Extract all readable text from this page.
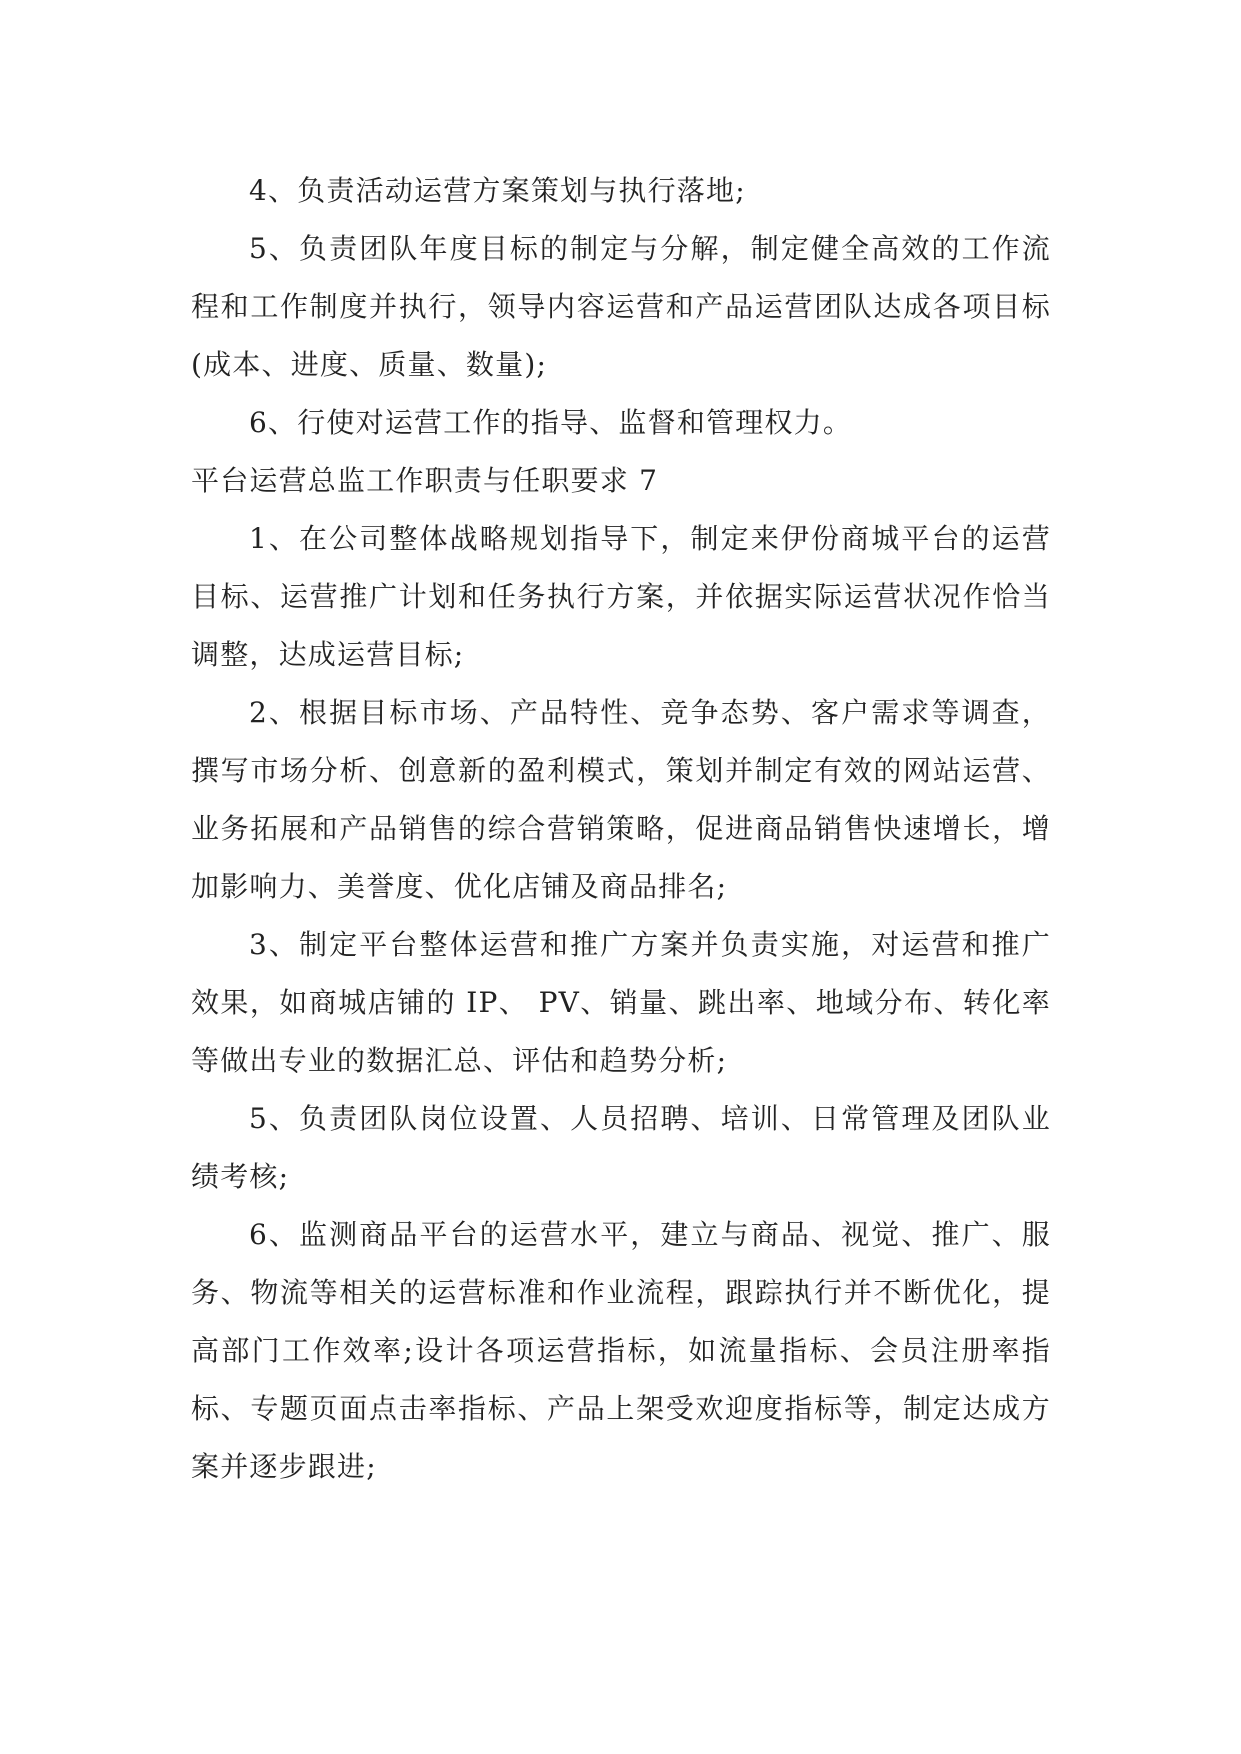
4、负责活动运营方案策划与执行落地;

5、负责团队年度目标的制定与分解，制定健全高效的工作流程和工作制度并执行，领导内容运营和产品运营团队达成各项目标(成本、进度、质量、数量);

6、行使对运营工作的指导、监督和管理权力。

平台运营总监工作职责与任职要求 7

1、在公司整体战略规划指导下，制定来伊份商城平台的运营目标、运营推广计划和任务执行方案，并依据实际运营状况作恰当调整，达成运营目标;

2、根据目标市场、产品特性、竞争态势、客户需求等调查，撰写市场分析、创意新的盈利模式，策划并制定有效的网站运营、业务拓展和产品销售的综合营销策略，促进商品销售快速增长，增加影响力、美誉度、优化店铺及商品排名;

3、制定平台整体运营和推广方案并负责实施，对运营和推广效果，如商城店铺的 IP、 PV、销量、跳出率、地域分布、转化率等做出专业的数据汇总、评估和趋势分析;

5、负责团队岗位设置、人员招聘、培训、日常管理及团队业绩考核;

6、监测商品平台的运营水平，建立与商品、视觉、推广、服务、物流等相关的运营标准和作业流程，跟踪执行并不断优化，提高部门工作效率;设计各项运营指标，如流量指标、会员注册率指标、专题页面点击率指标、产品上架受欢迎度指标等，制定达成方案并逐步跟进;
